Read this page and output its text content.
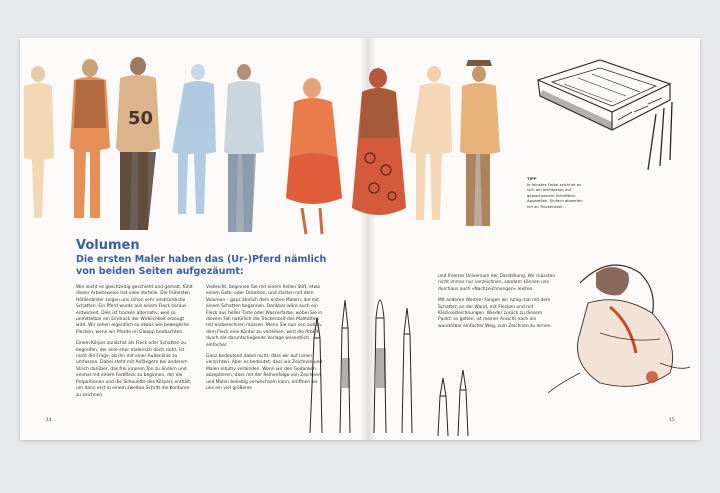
50
TIPP
Je feinstes Farbe zeichnet es sich am leichtesten auf gewachsenem Schriftbild-Aquarellen. Einfach abwerfen hin an Trockenstiel.
Volumen
Die ersten Maler haben das (Ur-)Pferd nämlich von beiden Seiten aufgezäumt:

Wie leicht es gleichzeitig geschieht und gemalt, fühlt dieser Arbeitsweise hat viele Vorteile. Die frühesten Höhlenbilder zeigen uns schon sehr eindrückliche Schatten. Ein Pferd wurde aus einem Fleck heraus entwickelt. Dies ist trocken alternativ, weil so unmittelbar ein Eindruck der Wirklichkeit erzeugt wird. Wir sehen eigentlich so etwas wie bewegliche Flecken, wenn wir Pferde im Galopp beobachten.

Einem Körper zunächst als Fleck oder Schatten zu begreifen, der eine eher malerisch doch sieht, ist nicht die Frage, ob ihn mit einer Außenlinie zu umfassen. Dabei steht mit Anfängern bei anderem Strich darüber, das frei inneren Ton zu ändern und einmal mit einem Farbfleck zu beginnen, der die Proportionen und die Silhouette des Körpers enthält, um dann erst in einem zweiten Schritt die Konturen zu zeichnen.

Vielleicht, beginnen Sie mit einem hellen Stift, etwa einem Gelb- oder Ockerton, und starten mit dem Volumen – ganz ähnlich dem ersten Malern, die mit einem Schatten begonnen. Denkbar wäre auch ein Fleck aus heller Tinte oder Wasserfarbe, wobei Sie in diesem Fall natürlich die Trockenzeit des Malmittels mit einberechnen müssen. Wenn Sie nun von außen, dem Fleck eine Kontur zu verleihen, wird die Arbeit durch die darunterliegende Vorlage wesentlich einfacher.

Ganz bedeutend dabei nicht, dass wir auf Linien verzichten. Aber es bedeutet, dass wir Zeichnen und Malen intuitiv verbinden. Wenn wir den Gedanken akzeptieren, dass mit der Reihenfolge von Zeichnen und Malen beliebig verwechseln kann, eröffnen wir uns ein viel größeres

und freieres Universum der Darstellung. Wir müssten nicht immer nur vorzeichnen, sondern können uns durchaus auch »Nachzeichnungen« leisten.

Mit anderen Worten: Fangen wir ruhig mal mit dem Schatten an der Wand, mit Flecken und mit Kleckselzeichnungen. Wieder zurück zu diesem Punkt: es gelten, ist meiner Ansicht nach ein wunderbar einfacher Weg, zum Zeichnen zu lernen.

14	15
